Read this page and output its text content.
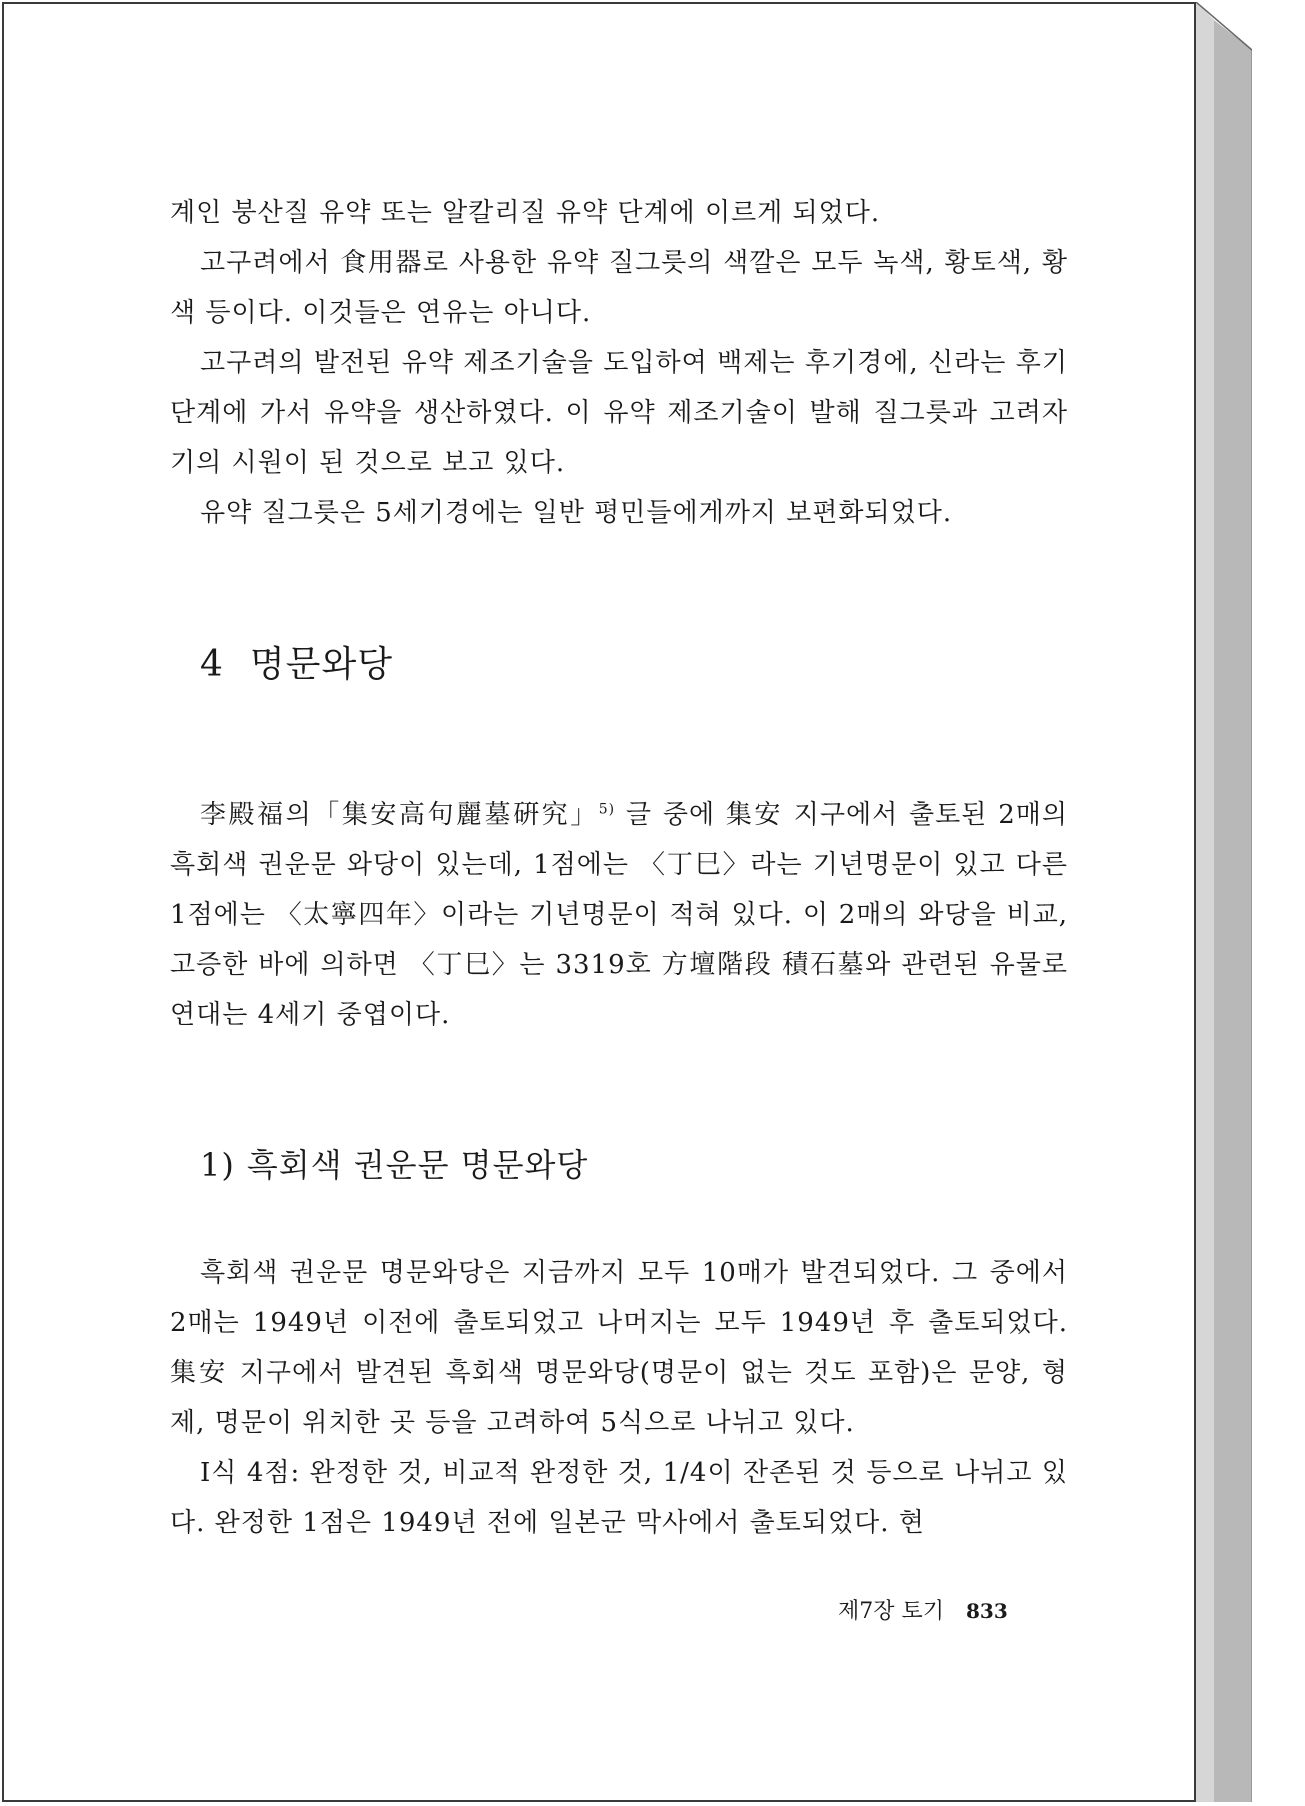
계인 붕산질 유약 또는 알칼리질 유약 단계에 이르게 되었다.

고구려에서 食用器로 사용한 유약 질그릇의 색깔은 모두 녹색, 황토색, 황색 등이다. 이것들은 연유는 아니다.

고구려의 발전된 유약 제조기술을 도입하여 백제는 후기경에, 신라는 후기 단계에 가서 유약을 생산하였다. 이 유약 제조기술이 발해 질그릇과 고려자기의 시원이 된 것으로 보고 있다.

유약 질그릇은 5세기경에는 일반 평민들에게까지 보편화되었다.

4 명문와당

李殿福의「集安高句麗墓硏究」$^{5)}$ 글 중에 集安 지구에서 출토된 2매의 흑회색 권운문 와당이 있는데, 1점에는 〈丁巳〉라는 기년명문이 있고 다른 1점에는 〈太寧四年〉이라는 기년명문이 적혀 있다. 이 2매의 와당을 비교, 고증한 바에 의하면 〈丁巳〉는 3319호 方壇階段 積石墓와 관련된 유물로 연대는 4세기 중엽이다.

1) 흑회색 권운문 명문와당

흑회색 권운문 명문와당은 지금까지 모두 10매가 발견되었다. 그 중에서 2매는 1949년 이전에 출토되었고 나머지는 모두 1949년 후 출토되었다. 集安 지구에서 발견된 흑회색 명문와당(명문이 없는 것도 포함)은 문양, 형제, 명문이 위치한 곳 등을 고려하여 5식으로 나뉘고 있다.

I식 4점: 완정한 것, 비교적 완정한 것, 1/4이 잔존된 것 등으로 나뉘고 있다. 완정한 1점은 1949년 전에 일본군 막사에서 출토되었다. 현

제7장 토기 833
